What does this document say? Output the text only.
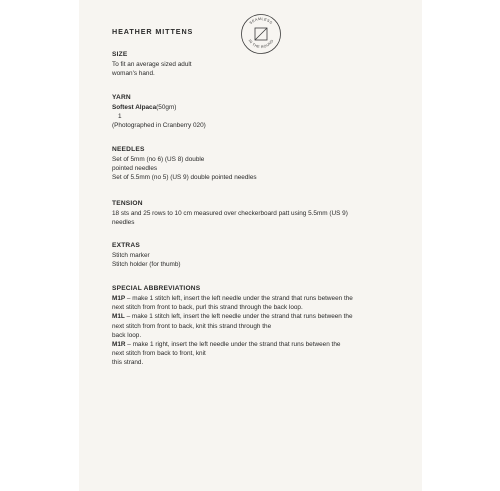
HEATHER MITTENS
SEAMLESS
IN THE ROUND
SIZE
To fit an average sized adult
woman's hand.
YARN
Softest Alpaca(50gm)
1
(Photographed in Cranberry 020)
NEEDLES
Set of 5mm (no 6) (US 8) double
pointed needles
Set of 5.5mm (no 5) (US 9) double pointed needles
TENSION
18 sts and 25 rows to 10 cm measured over checkerboard patt using 5.5mm (US 9)
needles
EXTRAS
Stitch marker
Stitch holder (for thumb)
SPECIAL ABBREVIATIONS
M1P – make 1 stitch left, insert the left needle under the strand that runs between the
next stitch from front to back, purl this strand through the back loop.
M1L – make 1 stitch left, insert the left needle under the strand that runs between the
next stitch from front to back, knit this strand through the
back loop.
M1R – make 1 right, insert the left needle under the strand that runs between the
next stitch from back to front, knit
this strand.
